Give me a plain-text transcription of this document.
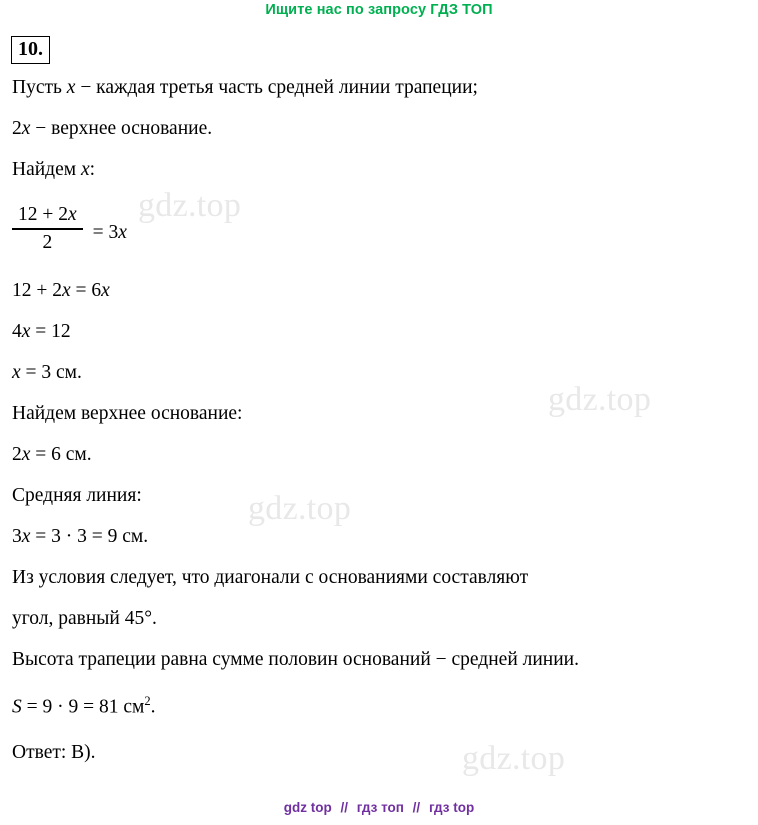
Ищите нас по запросу ГДЗ ТОП
10.
gdz.top
gdz.top
gdz.top
gdz.top
Пусть x − каждая третья часть средней линии трапеции;
2x − верхнее основание.
Найдем x:
$\frac{12 + 2x}{2} = 3x$
12 + 2x = 6x
4x = 12
x = 3 см.
Найдем верхнее основание:
2x = 6 см.
Средняя линия:
3x = 3 · 3 = 9 см.
Из условия следует, что диагонали с основаниями составляют
угол, равный 45°.
Высота трапеции равна сумме половин оснований − средней линии.
S = 9 · 9 = 81 $см^2$.
Ответ: B).
gdz top // гдз топ // гдз top
